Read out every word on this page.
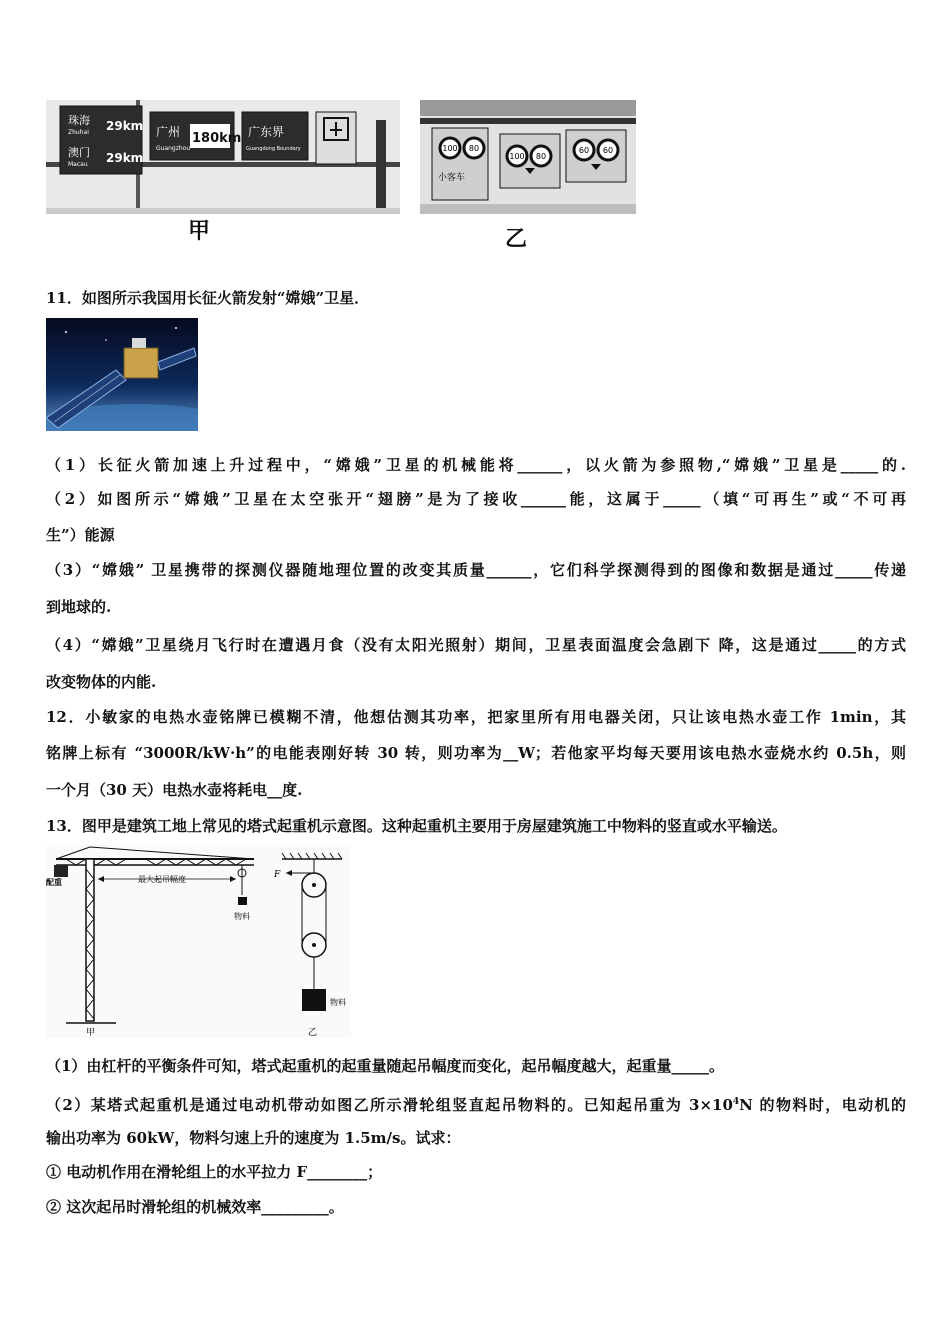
珠海
Zhuhai 29km
澳门
Macau 29km
广州
Guangzhou
180km 广东界
Guangdong Boundary
甲
100 80
100 80
60 60
小客车
乙
11．如图所示我国用长征火箭发射“嫦娥”卫星．
（1）长征火箭加速上升过程中，“嫦娥”卫星的机械能将______，以火箭为参照物,“嫦娥”卫星是_____的.
（2）如图所示“嫦娥”卫星在太空张开“翅膀”是为了接收______能，这属于_____（填“可再生”或“不可再
生”）能源
（3）“嫦娥” 卫星携带的探测仪器随地理位置的改变其质量______，它们科学探测得到的图像和数据是通过_____传递
到地球的.
（4）“嫦娥”卫星绕月飞行时在遭遇月食（没有太阳光照射）期间，卫星表面温度会急剧下 降，这是通过_____的方式
改变物体的内能.
12．小敏家的电热水壶铭牌已模糊不清，他想估测其功率，把家里所有用电器关闭，只让该电热水壶工作 1min，其
铭牌上标有 “3000R/kW·h”的电能表刚好转 30 转，则功率为__W；若他家平均每天要用该电热水壶烧水约 0.5h，则
一个月（30 天）电热水壶将耗电__度.
13．图甲是建筑工地上常见的塔式起重机示意图。这种起重机主要用于房屋建筑施工中物料的竖直或水平输送。
配重	最大起吊幅度
物料
甲
F
物料
乙
（1）由杠杆的平衡条件可知，塔式起重机的起重量随起吊幅度而变化，起吊幅度越大，起重量_____。
（2）某塔式起重机是通过电动机带动如图乙所示滑轮组竖直起吊物料的。已知起吊重为 $3\times 10^4N$ 的物料时，电动机的
输出功率为 60kW，物料匀速上升的速度为 1.5m/s。试求：
① 电动机作用在滑轮组上的水平拉力 F________；
② 这次起吊时滑轮组的机械效率_________。
